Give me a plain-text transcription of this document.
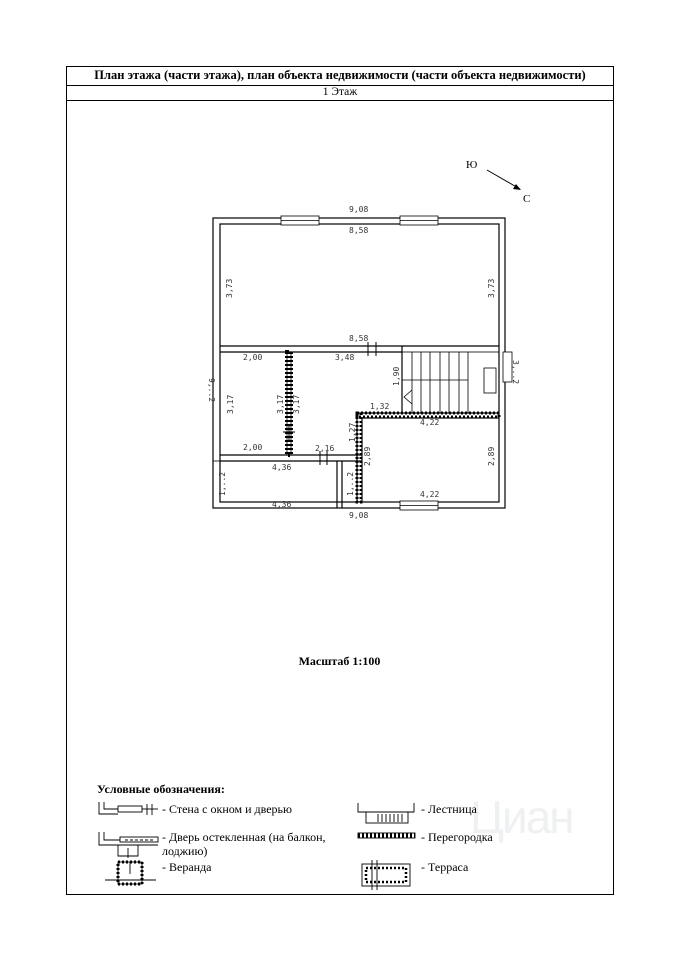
Циан
План этажа (части этажа), план объекта недвижимости (части объекта недвижимости)
1 Этаж
Ю
С
9,08
8,58
3,73	3,73
8,58
9,..2
3,..2
2,00
2,00
3,17	3,17 3,17
3,48
1,90
1,32
1,27
4,22
4,22
2,89	2,89
2,16
4,36
4,36
1,..2	1,..2
9,08
Масштаб 1:100
Условные обозначения:
- Стена с окном и дверью	- Лестница
- Дверь остекленная (на балкон, лоджию)
- Перегородка
- Веранда	- Терраса
